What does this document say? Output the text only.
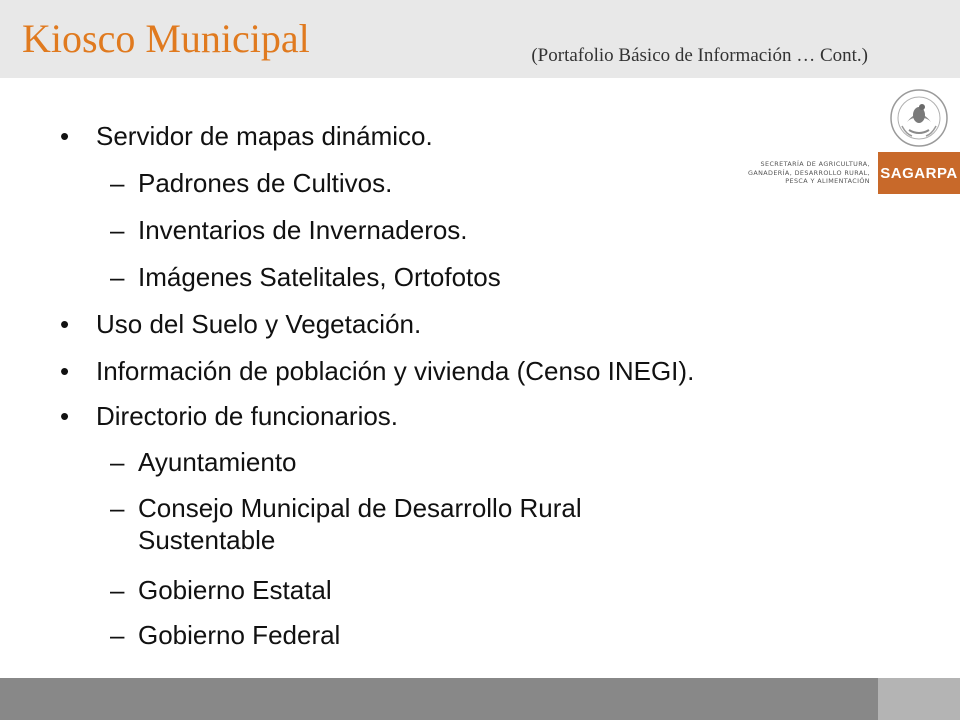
Kiosco Municipal	(Portafolio Básico de Información … Cont.)
SECRETARÍA DE AGRICULTURA,
GANADERÍA, DESARROLLO RURAL,
PESCA Y ALIMENTACIÓN SAGARPA
• Servidor de mapas dinámico.
– Padrones de Cultivos.
– Inventarios de Invernaderos.
– Imágenes Satelitales, Ortofotos
• Uso del Suelo y Vegetación.
• Información de población y vivienda (Censo INEGI).
• Directorio de funcionarios.
– Ayuntamiento
– Consejo Municipal de Desarrollo Rural Sustentable
– Gobierno Estatal
– Gobierno Federal
